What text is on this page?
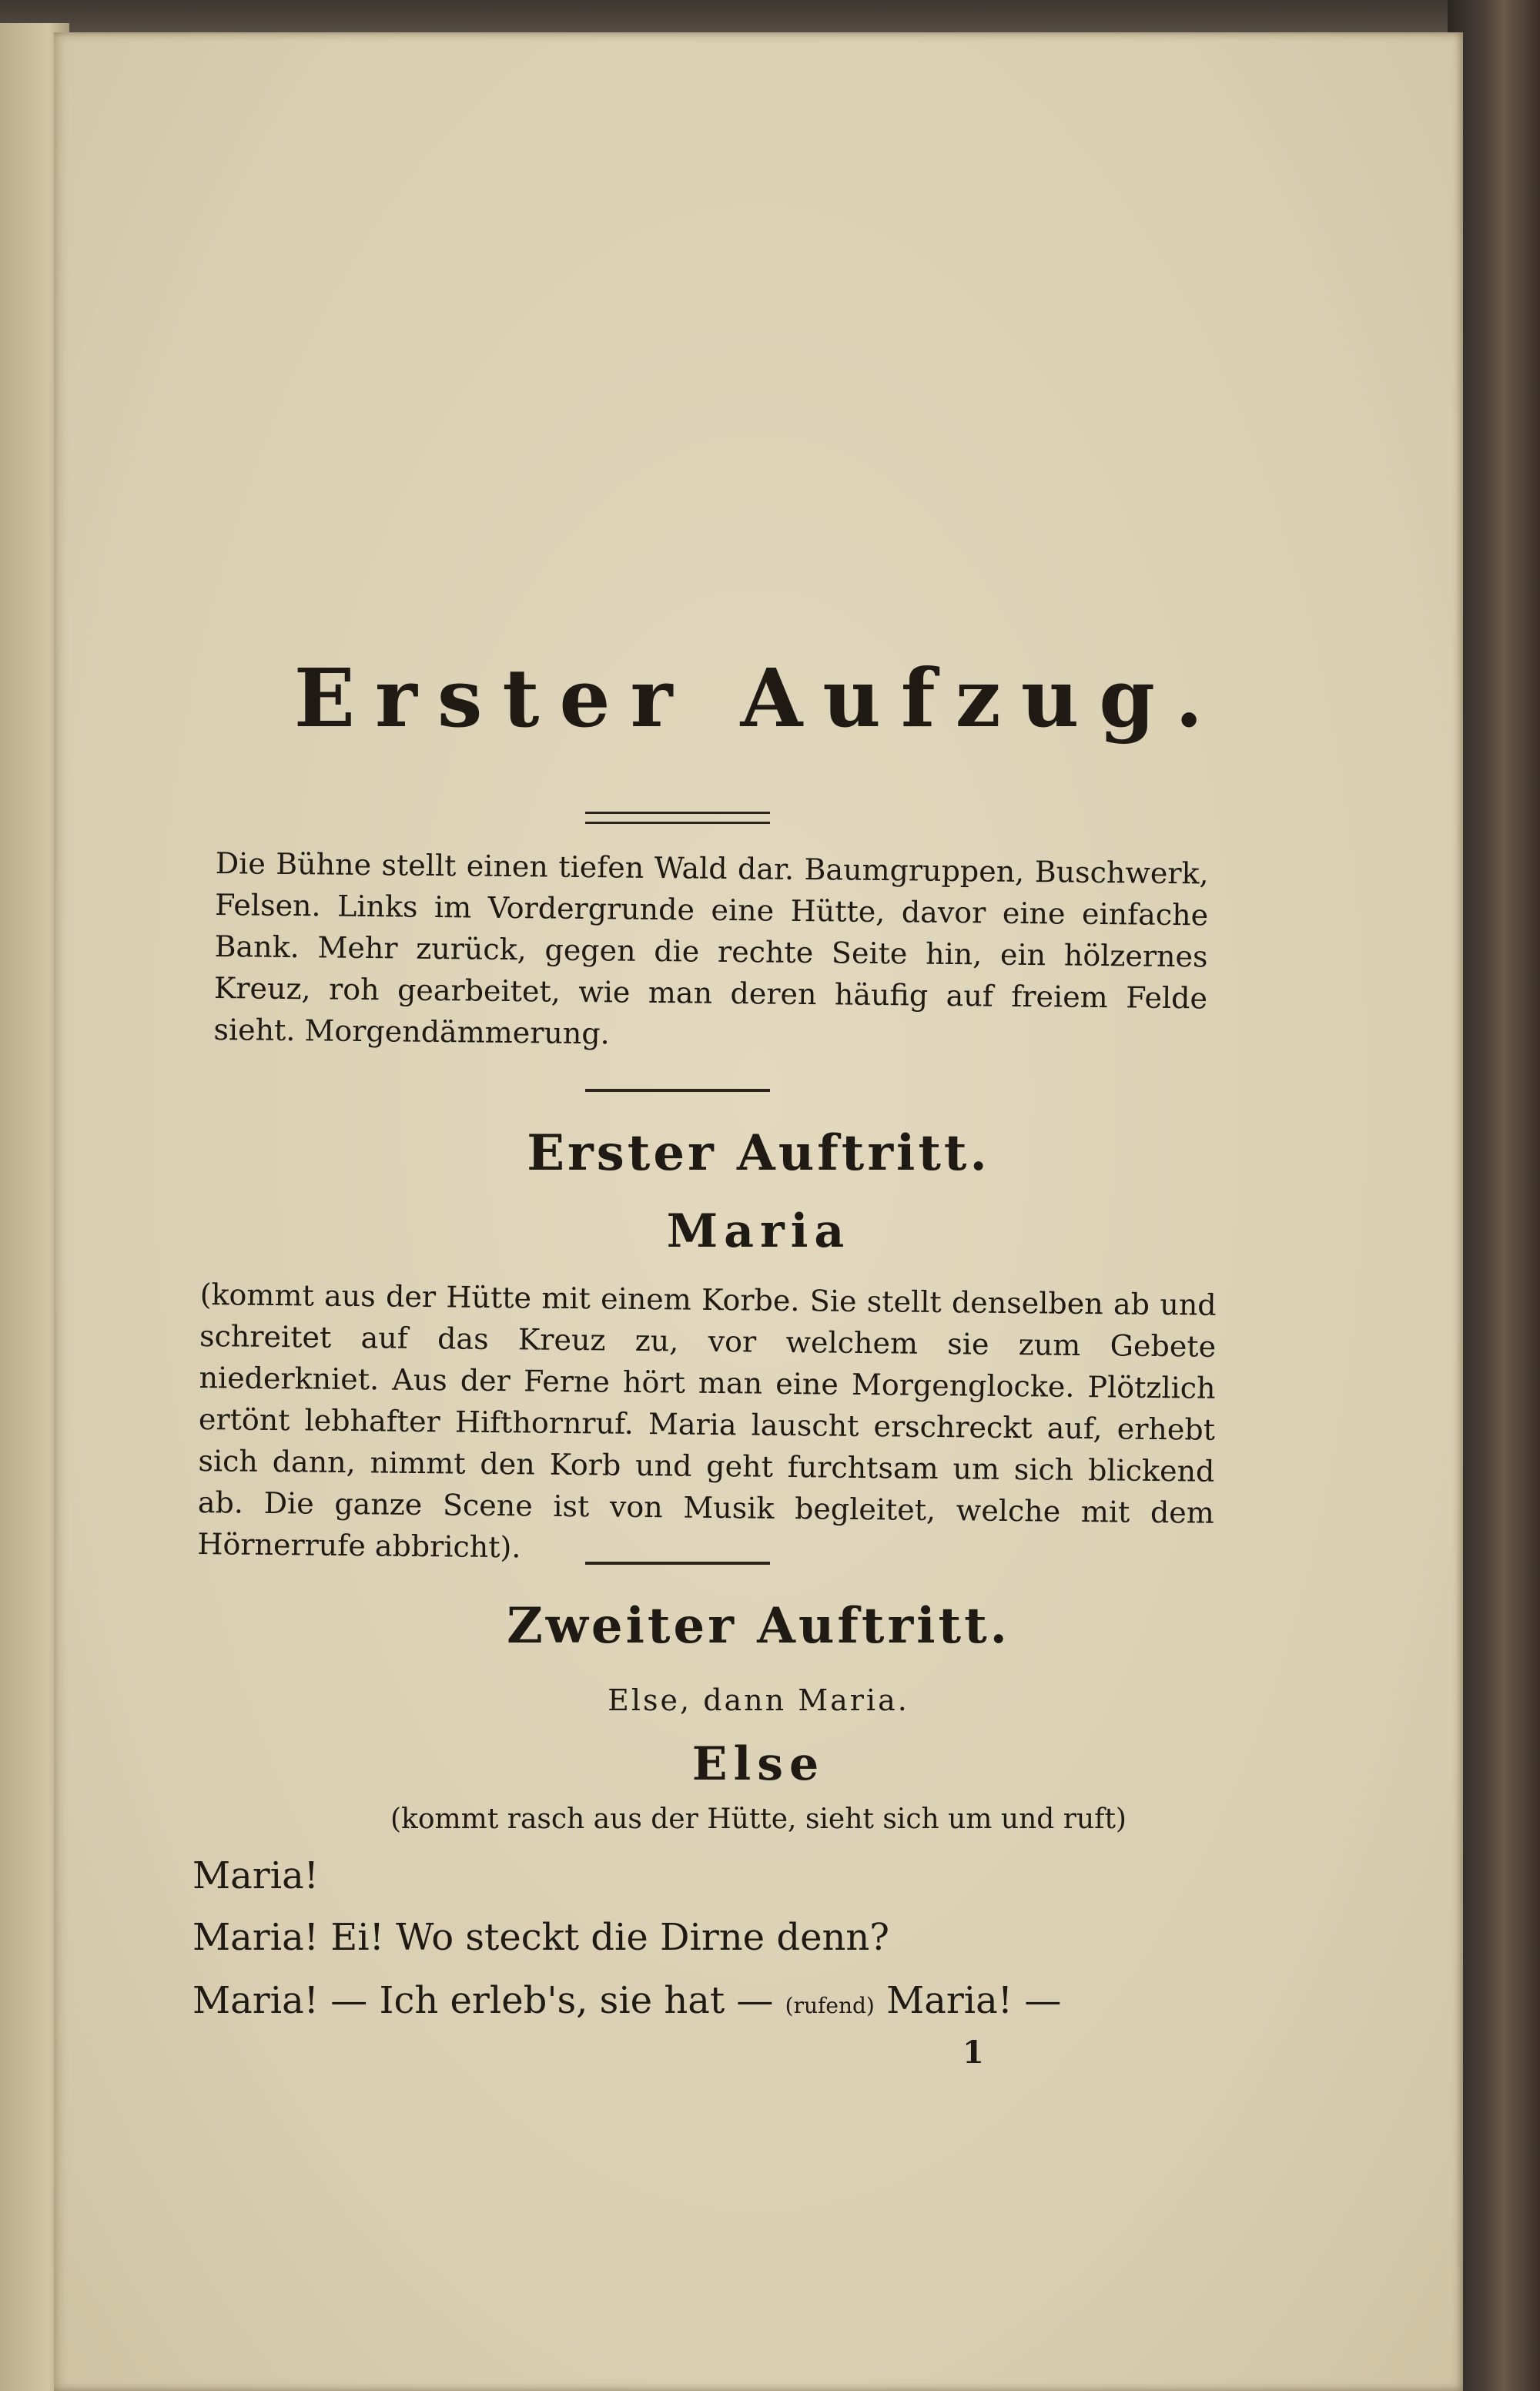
Erster Aufzug.
Die Bühne stellt einen tiefen Wald dar. Baumgruppen, Buschwerk, Felsen. Links im Vordergrunde eine Hütte, davor eine einfache Bank. Mehr zurück, gegen die rechte Seite hin, ein hölzernes Kreuz, roh gearbeitet, wie man deren häufig auf freiem Felde sieht. Morgendämmerung.
Erster Auftritt.
Maria
(kommt aus der Hütte mit einem Korbe. Sie stellt denselben ab und schreitet auf das Kreuz zu, vor welchem sie zum Gebete niederkniet. Aus der Ferne hört man eine Morgenglocke. Plötzlich ertönt lebhafter Hifthornruf. Maria lauscht erschreckt auf, erhebt sich dann, nimmt den Korb und geht furchtsam um sich blickend ab. Die ganze Scene ist von Musik begleitet, welche mit dem Hörnerrufe abbricht).
Zweiter Auftritt.
Else, dann Maria.
Else
(kommt rasch aus der Hütte, sieht sich um und ruft)
Maria!
Maria! Ei! Wo steckt die Dirne denn?
Maria! — Ich erleb's, sie hat — (rufend) Maria! —
1
